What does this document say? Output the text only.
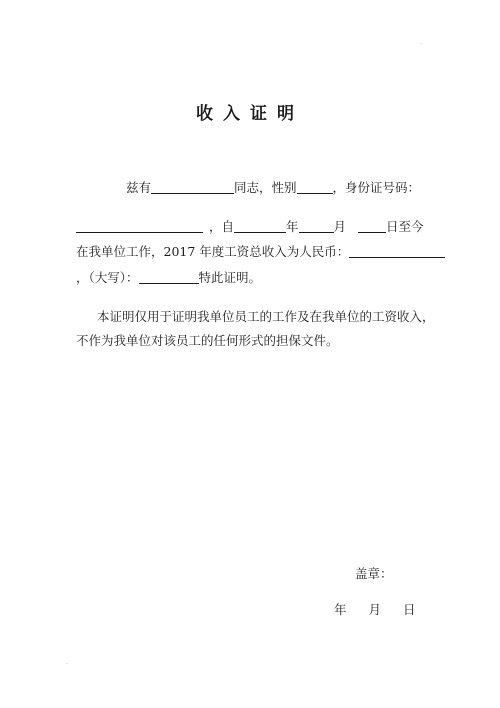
·
·
收入证明
兹有	同志，性别	，身份证号码：
，自	年	月	日至今
在我单位工作，2017 年度工资总收入为人民币：
，（大写）：	特此证明。
本证明仅用于证明我单位员工的工作及在我单位的工资收入，
不作为我单位对该员工的任何形式的担保文件。
盖章：
年 月 日
